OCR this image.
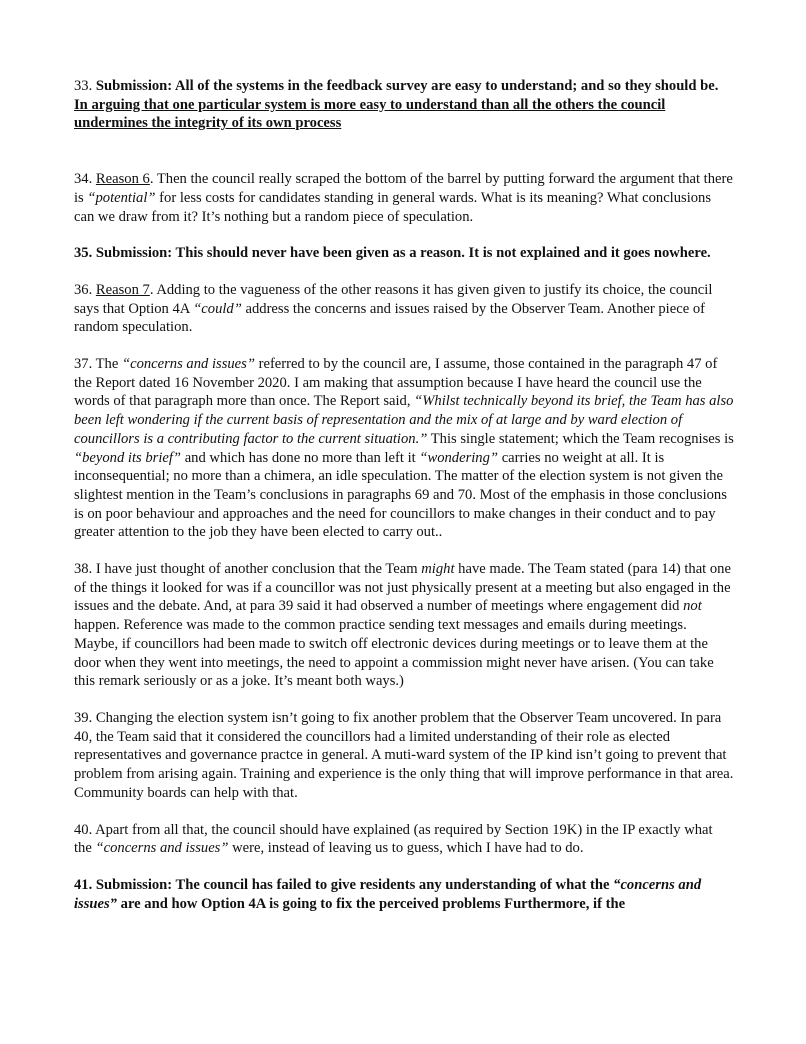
33. Submission: All of the systems in the feedback survey are easy to understand; and so they should be. In arguing that one particular system is more easy to understand than all the others the council undermines the integrity of its own process

34. Reason 6. Then the council really scraped the bottom of the barrel by putting forward the argument that there is “potential” for less costs for candidates standing in general wards. What is its meaning? What conclusions can we draw from it? It’s nothing but a random piece of speculation.

35. Submission: This should never have been given as a reason. It is not explained and it goes nowhere.

36. Reason 7. Adding to the vagueness of the other reasons it has given given to justify its choice, the council says that Option 4A “could” address the concerns and issues raised by the Observer Team. Another piece of random speculation.

37. The “concerns and issues” referred to by the council are, I assume, those contained in the paragraph 47 of the Report dated 16 November 2020. I am making that assumption because I have heard the council use the words of that paragraph more than once. The Report said, “Whilst technically beyond its brief, the Team has also been left wondering if the current basis of representation and the mix of at large and by ward election of councillors is a contributing factor to the current situation.” This single statement; which the Team recognises is “beyond its brief” and which has done no more than left it “wondering” carries no weight at all. It is inconsequential; no more than a chimera, an idle speculation. The matter of the election system is not given the slightest mention in the Team’s conclusions in paragraphs 69 and 70. Most of the emphasis in those conclusions is on poor behaviour and approaches and the need for councillors to make changes in their conduct and to pay greater attention to the job they have been elected to carry out..

38. I have just thought of another conclusion that the Team might have made. The Team stated (para 14) that one of the things it looked for was if a councillor was not just physically present at a meeting but also engaged in the issues and the debate. And, at para 39 said it had observed a number of meetings where engagement did not happen. Reference was made to the common practice sending text messages and emails during meetings. Maybe, if councillors had been made to switch off electronic devices during meetings or to leave them at the door when they went into meetings, the need to appoint a commission might never have arisen. (You can take this remark seriously or as a joke. It’s meant both ways.)

39. Changing the election system isn’t going to fix another problem that the Observer Team uncovered. In para 40, the Team said that it considered the councillors had a limited understanding of their role as elected representatives and governance practce in general. A muti-ward system of the IP kind isn’t going to prevent that problem from arising again. Training and experience is the only thing that will improve performance in that area. Community boards can help with that.

40. Apart from all that, the council should have explained (as required by Section 19K) in the IP exactly what the “concerns and issues” were, instead of leaving us to guess, which I have had to do.

41. Submission: The council has failed to give residents any understanding of what the “concerns and issues” are and how Option 4A is going to fix the perceived problems Furthermore, if the
